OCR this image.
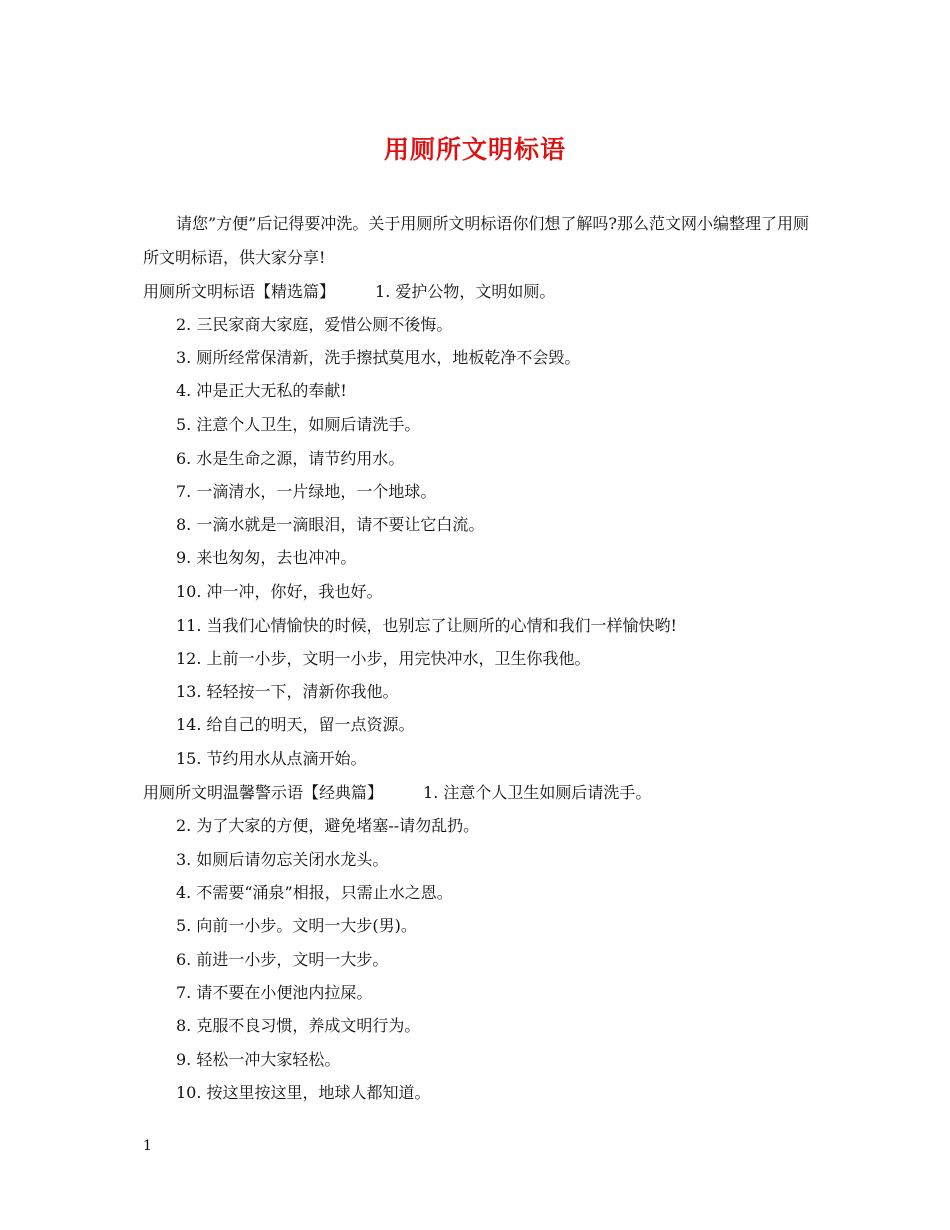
用厕所文明标语
请您”方便”后记得要冲洗。关于用厕所文明标语你们想了解吗?那么范文网小编整理了用厕所文明标语，供大家分享!
用厕所文明标语【精选篇】	1. 爱护公物，文明如厕。
2. 三民家商大家庭，爱惜公厕不後悔。
3. 厕所经常保清新，洗手擦拭莫甩水，地板乾净不会毁。
4. 冲是正大无私的奉献!
5. 注意个人卫生，如厕后请洗手。
6. 水是生命之源，请节约用水。
7. 一滴清水，一片绿地，一个地球。
8. 一滴水就是一滴眼泪，请不要让它白流。
9. 来也匆匆，去也冲冲。
10. 冲一冲，你好，我也好。
11. 当我们心情愉快的时候，也别忘了让厕所的心情和我们一样愉快哟!
12. 上前一小步，文明一小步，用完快冲水，卫生你我他。
13. 轻轻按一下，清新你我他。
14. 给自己的明天，留一点资源。
15. 节约用水从点滴开始。
用厕所文明温馨警示语【经典篇】	1. 注意个人卫生如厕后请洗手。
2. 为了大家的方便，避免堵塞--请勿乱扔。
3. 如厕后请勿忘关闭水龙头。
4. 不需要“涌泉”相报，只需止水之恩。
5. 向前一小步。文明一大步(男)。
6. 前进一小步，文明一大步。
7. 请不要在小便池内拉屎。
8. 克服不良习惯，养成文明行为。
9. 轻松一冲大家轻松。
10. 按这里按这里，地球人都知道。
1
